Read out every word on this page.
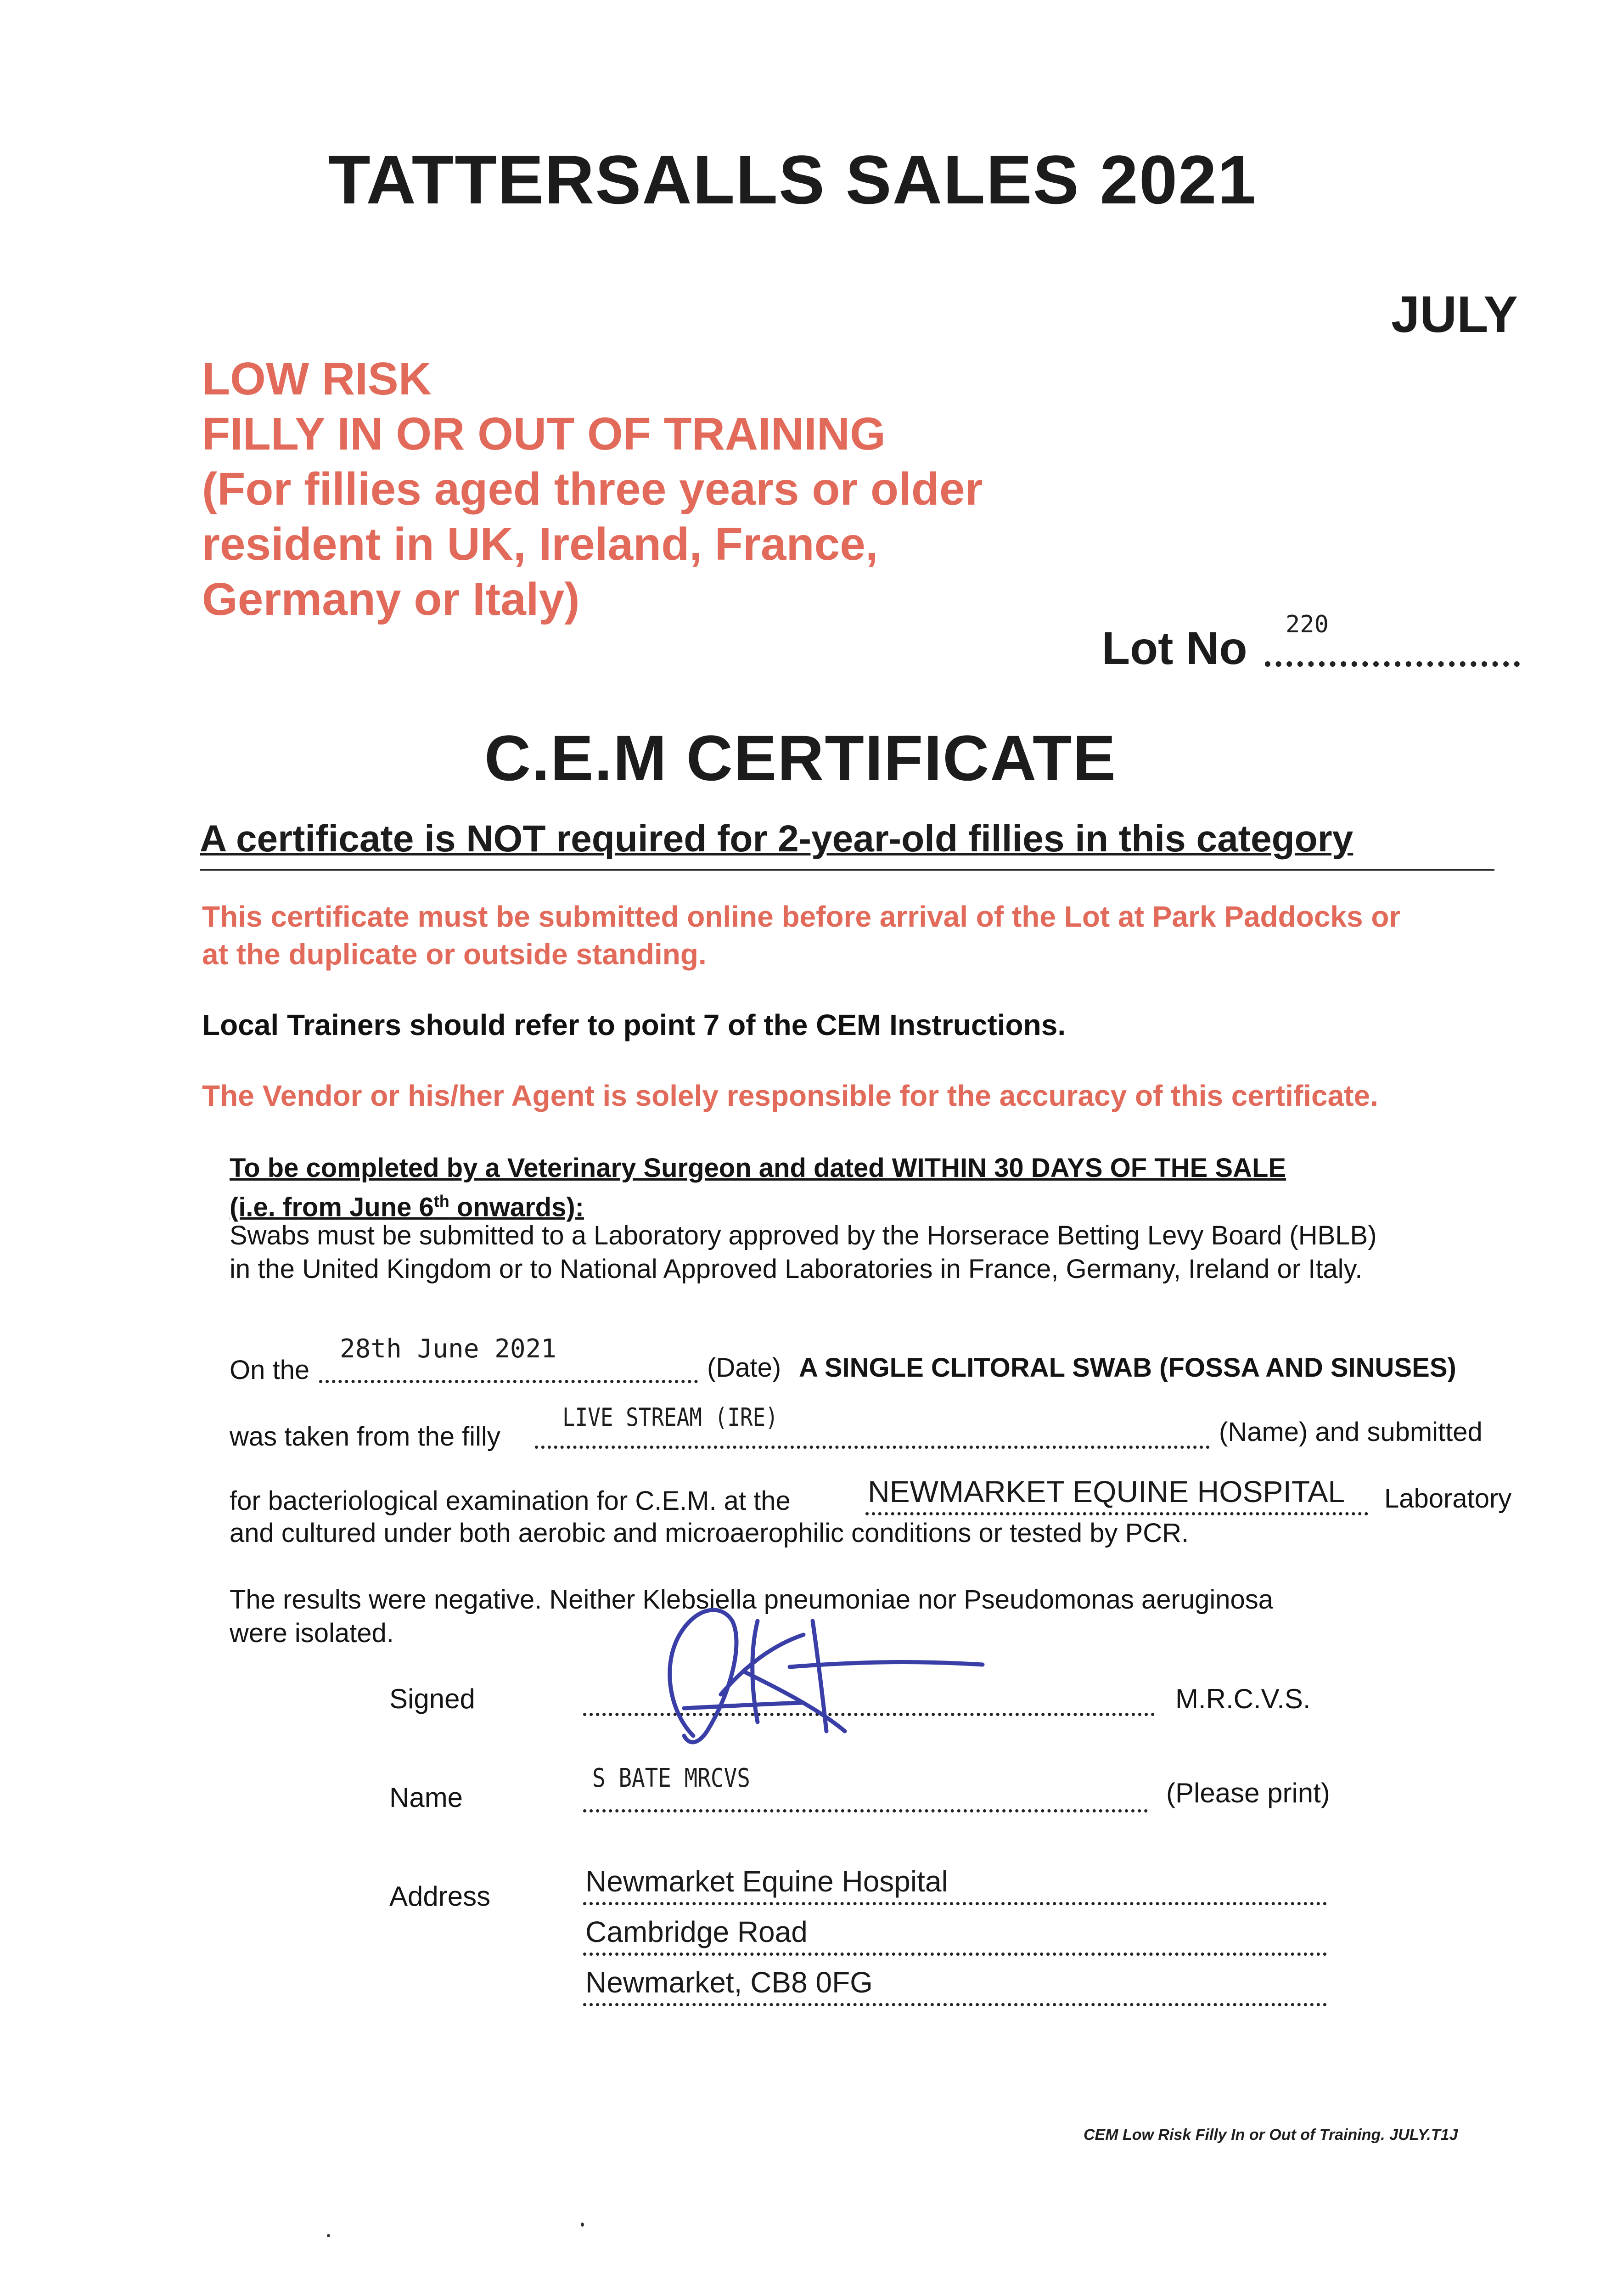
TATTERSALLS SALES 2021
JULY
LOW RISK
FILLY IN OR OUT OF TRAINING
(For fillies aged three years or older
resident in UK, Ireland, France,
Germany or Italy)
Lot No 220
C.E.M CERTIFICATE
A certificate is NOT required for 2-year-old fillies in this category
This certificate must be submitted online before arrival of the Lot at Park Paddocks or
at the duplicate or outside standing.
Local Trainers should refer to point 7 of the CEM Instructions.
The Vendor or his/her Agent is solely responsible for the accuracy of this certificate.
To be completed by a Veterinary Surgeon and dated WITHIN 30 DAYS OF THE SALE
(i.e. from June 6th onwards):
Swabs must be submitted to a Laboratory approved by the Horserace Betting Levy Board (HBLB)
in the United Kingdom or to National Approved Laboratories in France, Germany, Ireland or Italy.
On the
28th June 2021
(Date) A SINGLE CLITORAL SWAB (FOSSA AND SINUSES)
was taken from the filly
LIVE STREAM (IRE)	(Name) and submitted
for bacteriological examination for C.E.M. at the	NEWMARKET EQUINE HOSPITAL Laboratory
and cultured under both aerobic and microaerophilic conditions or tested by PCR.
The results were negative. Neither Klebsiella pneumoniae nor Pseudomonas aeruginosa
were isolated.
Signed	M.R.C.V.S.
Name
S BATE MRCVS	(Please print)
Address	Newmarket Equine Hospital
Cambridge Road
Newmarket, CB8 0FG
CEM Low Risk Filly In or Out of Training. JULY.T1J
